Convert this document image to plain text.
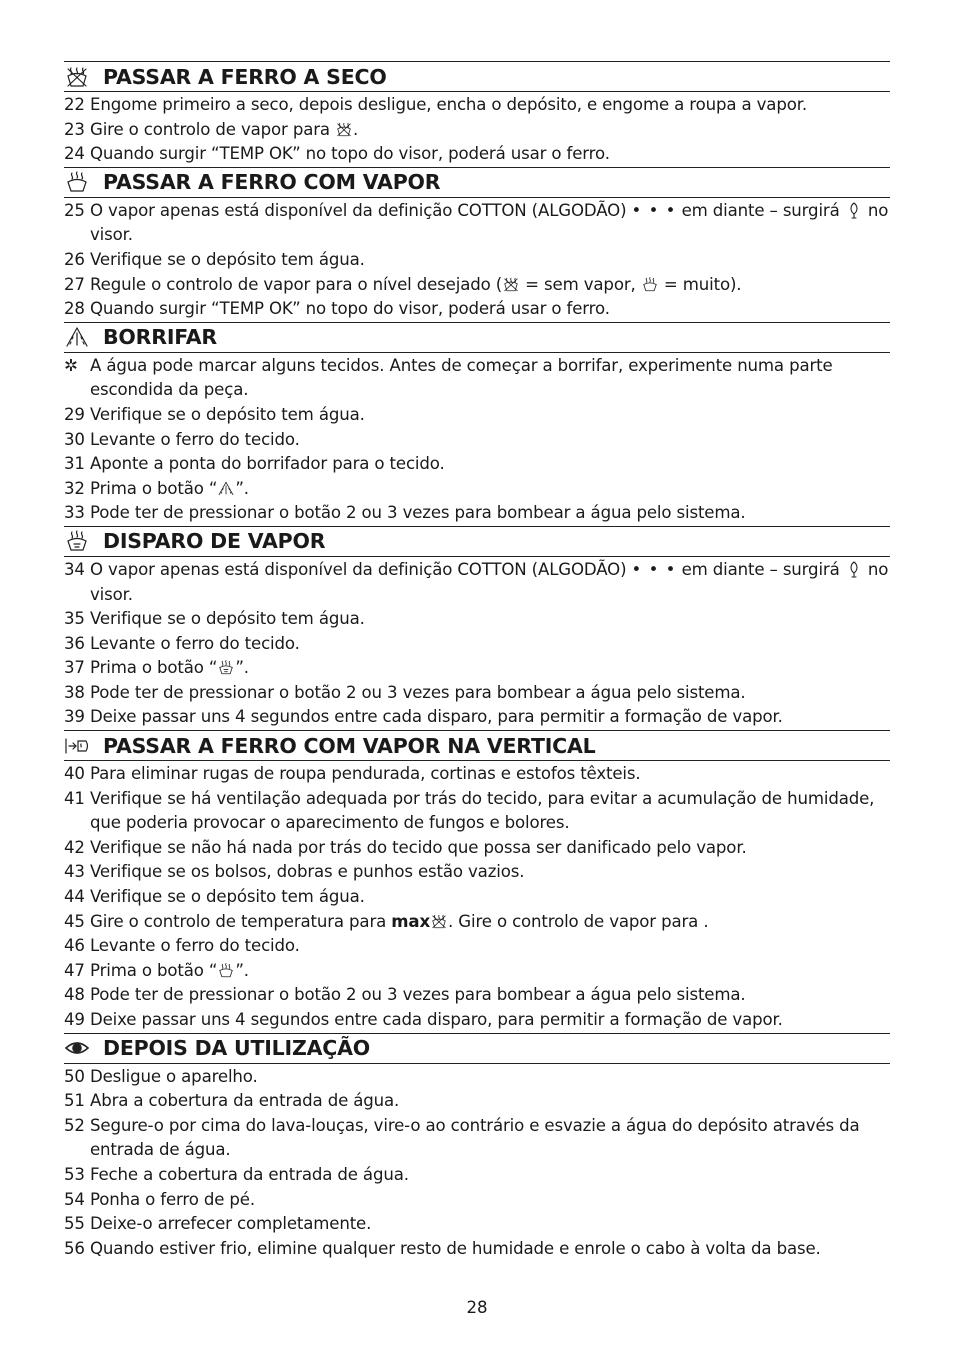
PASSAR A FERRO A SECO
22 Engome primeiro a seco, depois desligue, encha o depósito, e engome a roupa a vapor.
23 Gire o controlo de vapor para
.
24 Quando surgir “TEMP OK” no topo do visor, poderá usar o ferro.
PASSAR A FERRO COM VAPOR
25 O vapor apenas está disponível da definição COTTON (ALGODÃO) • • • em diante – surgirá
no visor.
26 Verifique se o depósito tem água.
27 Regule o controlo de vapor para o nível desejado (
= sem vapor,
= muito).
28 Quando surgir “TEMP OK” no topo do visor, poderá usar o ferro.
BORRIFAR
✲ A água pode marcar alguns tecidos. Antes de começar a borrifar, experimente numa parte escondida da peça.
29 Verifique se o depósito tem água.
30 Levante o ferro do tecido.
31 Aponte a ponta do borrifador para o tecido.
32 Prima o botão “ ”.
33 Pode ter de pressionar o botão 2 ou 3 vezes para bombear a água pelo sistema.
DISPARO DE VAPOR
34 O vapor apenas está disponível da definição COTTON (ALGODÃO) • • • em diante – surgirá
no visor.
35 Verifique se o depósito tem água.
36 Levante o ferro do tecido.
37 Prima o botão “ ”.
38 Pode ter de pressionar o botão 2 ou 3 vezes para bombear a água pelo sistema.
39 Deixe passar uns 4 segundos entre cada disparo, para permitir a formação de vapor.
PASSAR A FERRO COM VAPOR NA VERTICAL
40 Para eliminar rugas de roupa pendurada, cortinas e estofos têxteis.
41 Verifique se há ventilação adequada por trás do tecido, para evitar a acumulação de humidade, que poderia provocar o aparecimento de fungos e bolores.
42 Verifique se não há nada por trás do tecido que possa ser danificado pelo vapor.
43 Verifique se os bolsos, dobras e punhos estão vazios.
44 Verifique se o depósito tem água.
45 Gire o controlo de temperatura para max . Gire o controlo de vapor para .
46 Levante o ferro do tecido.
47 Prima o botão “ ”.
48 Pode ter de pressionar o botão 2 ou 3 vezes para bombear a água pelo sistema.
49 Deixe passar uns 4 segundos entre cada disparo, para permitir a formação de vapor.
DEPOIS DA UTILIZAÇÃO
50 Desligue o aparelho.
51 Abra a cobertura da entrada de água.
52 Segure-o por cima do lava-louças, vire-o ao contrário e esvazie a água do depósito através da entrada de água.
53 Feche a cobertura da entrada de água.
54 Ponha o ferro de pé.
55 Deixe-o arrefecer completamente.
56 Quando estiver frio, elimine qualquer resto de humidade e enrole o cabo à volta da base.
28
